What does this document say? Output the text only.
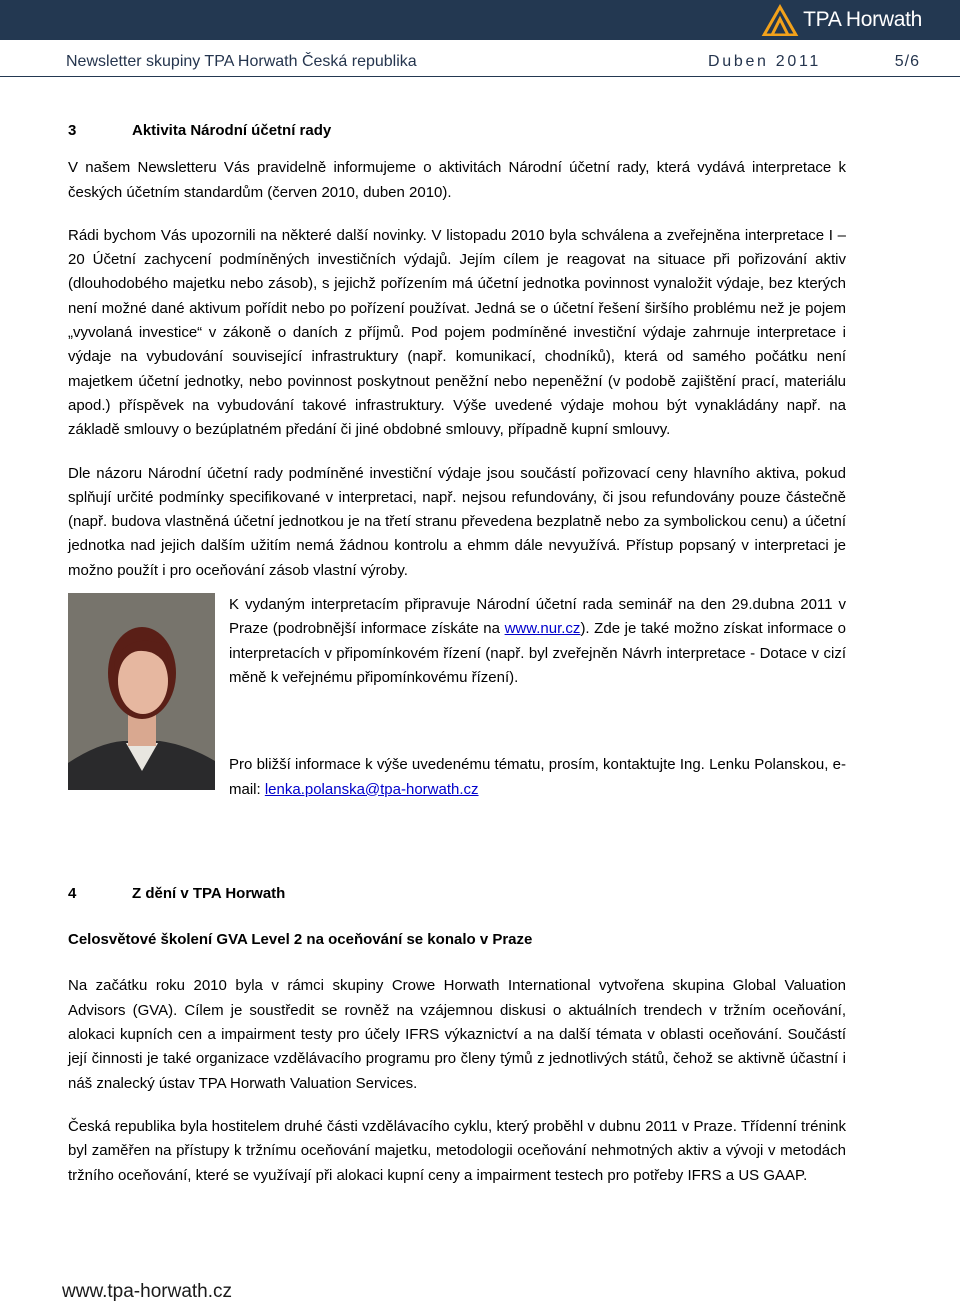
TPA Horwath
Newsletter skupiny TPA Horwath Česká republika	Duben 2011	5/6
3	Aktivita Národní účetní rady

V našem Newsletteru Vás pravidelně informujeme o aktivitách Národní účetní rady, která vydává interpretace k českých účetním standardům (červen 2010, duben 2010).

Rádi bychom Vás upozornili na některé další novinky. V listopadu 2010 byla schválena a zveřejněna interpretace I – 20 Účetní zachycení podmíněných investičních výdajů. Jejím cílem je reagovat na situace při pořizování aktiv (dlouhodobého majetku nebo zásob), s jejichž pořízením má účetní jednotka povinnost vynaložit výdaje, bez kterých není možné dané aktivum pořídit nebo po pořízení používat. Jedná se o účetní řešení širšího problému než je pojem „vyvolaná investice“ v zákoně o daních z příjmů. Pod pojem podmíněné investiční výdaje zahrnuje interpretace i výdaje na vybudování související infrastruktury (např. komunikací, chodníků), která od samého počátku není majetkem účetní jednotky, nebo povinnost poskytnout peněžní nebo nepeněžní (v podobě zajištění prací, materiálu apod.) příspěvek na vybudování takové infrastruktury. Výše uvedené výdaje mohou být vynakládány např. na základě smlouvy o bezúplatném předání či jiné obdobné smlouvy, případně kupní smlouvy.

Dle názoru Národní účetní rady podmíněné investiční výdaje jsou součástí pořizovací ceny hlavního aktiva, pokud splňují určité podmínky specifikované v interpretaci, např. nejsou refundovány, či jsou refundovány pouze částečně (např. budova vlastněná účetní jednotkou je na třetí stranu převedena bezplatně nebo za symbolickou cenu) a účetní jednotka nad jejich dalším užitím nemá žádnou kontrolu a ehmm dále nevyužívá. Přístup popsaný v interpretaci je možno použít i pro oceňování zásob vlastní výroby.

K vydaným interpretacím připravuje Národní účetní rada seminář na den 29.dubna 2011 v Praze (podrobnější informace získáte na www.nur.cz). Zde je také možno získat informace o interpretacích v připomínkovém řízení (např. byl zveřejněn Návrh interpretace - Dotace v cizí měně k veřejnému připomínkovému řízení).

Pro bližší informace k výše uvedenému tématu, prosím, kontaktujte Ing. Lenku Polanskou, e-mail: lenka.polanska@tpa-horwath.cz

4	Z dění v TPA Horwath
Celosvětové školení GVA Level 2 na oceňování se konalo v Praze

Na začátku roku 2010 byla v rámci skupiny Crowe Horwath International vytvořena skupina Global Valuation Advisors (GVA). Cílem je soustředit se rovněž na vzájemnou diskusi o aktuálních trendech v tržním oceňování, alokaci kupních cen a impairment testy pro účely IFRS výkaznictví a na další témata v oblasti oceňování. Součástí její činnosti je také organizace vzdělávacího programu pro členy týmů z jednotlivých států, čehož se aktivně účastní i náš znalecký ústav TPA Horwath Valuation Services.

Česká republika byla hostitelem druhé části vzdělávacího cyklu, který proběhl v dubnu 2011 v Praze. Třídenní trénink byl zaměřen na přístupy k tržnímu oceňování majetku, metodologii oceňování nehmotných aktiv a vývoji v metodách tržního oceňování, které se využívají při alokaci kupní ceny a impairment testech pro potřeby IFRS a US GAAP.

www.tpa-horwath.cz
